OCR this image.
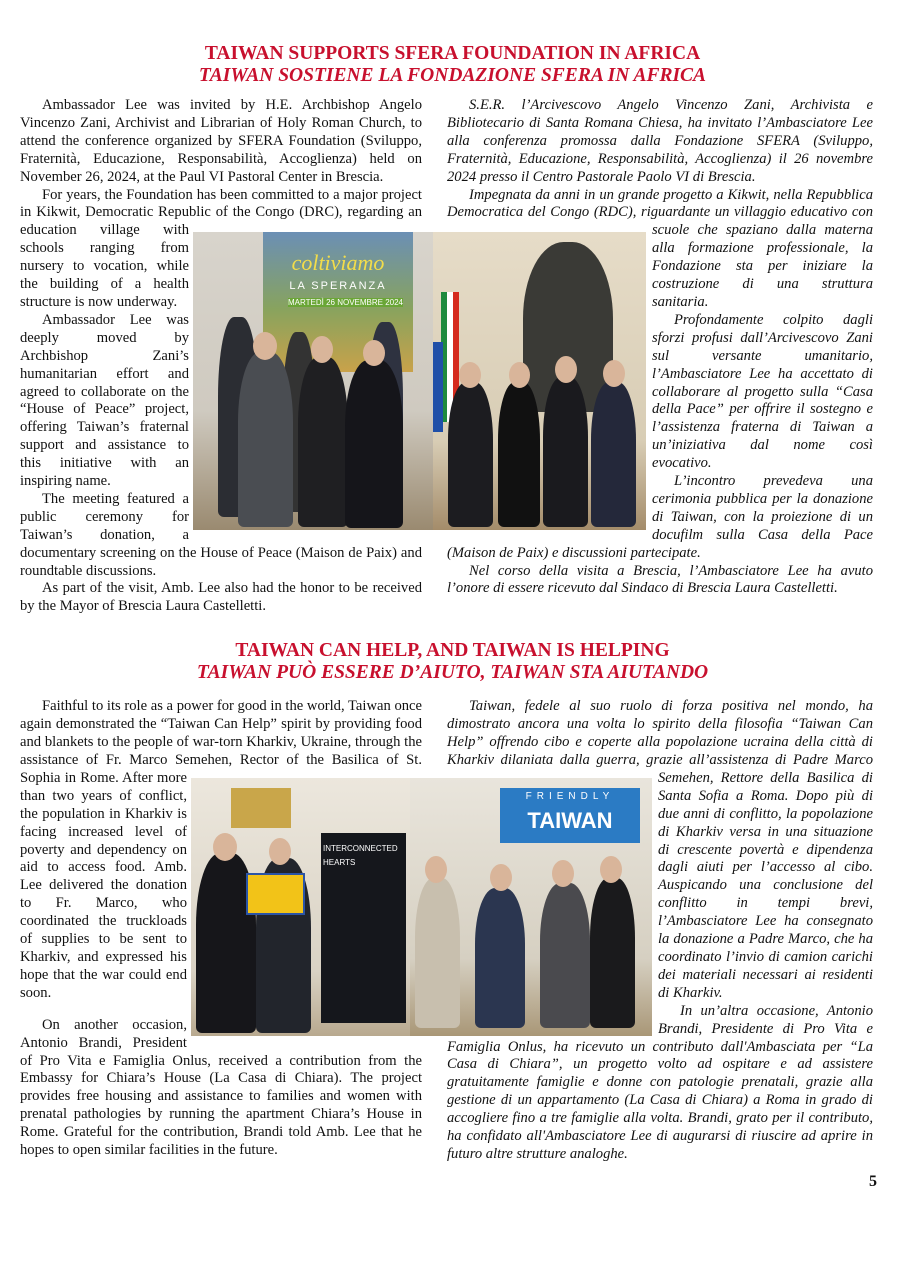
TAIWAN SUPPORTS SFERA FOUNDATION IN AFRICA
TAIWAN SOSTIENE LA FONDAZIONE SFERA IN AFRICA
coltiviamo
LA SPERANZA
MARTEDÌ 26 NOVEMBRE 2024

Ambassador Lee was invited by H.E. Archbishop Angelo Vincenzo Zani, Archivist and Librarian of Holy Roman Church, to attend the conference organized by SFERA Foundation (Sviluppo, Fraternità, Educazione, Responsabilità, Accoglienza) held on November 26, 2024, at the Paul VI Pastoral Center in Brescia.

For years, the Foundation has been committed to a major project in Kikwit, Democratic Republic of the Congo (DRC), regarding an education village with schools ranging from nursery to vocation, while the building of a health structure is now underway.

Ambassador Lee was deeply moved by Archbishop Zani’s humanitarian effort and agreed to collaborate on the “House of Peace” project, offering Taiwan’s fraternal support and assistance to this initiative with an inspiring name.

The meeting featured a public ceremony for Taiwan’s donation, a documentary screening on the House of Peace (Maison de Paix) and roundtable discussions.

As part of the visit, Amb. Lee also had the honor to be received by the Mayor of Brescia Laura Castelletti.

S.E.R. l’Arcivescovo Angelo Vincenzo Zani, Archivista e Bibliotecario di Santa Romana Chiesa, ha invitato l’Ambasciatore Lee alla conferenza promossa dalla Fondazione SFERA (Sviluppo, Fraternità, Educazione, Responsabilità, Accoglienza) il 26 novembre 2024 presso il Centro Pastorale Paolo VI di Brescia.

Impegnata da anni in un grande progetto a Kikwit, nella Repubblica Democratica del Congo (RDC), riguardante un villaggio educativo con scuole che spaziano dalla materna alla formazione professionale, la Fondazione sta per iniziare la costruzione di una struttura sanitaria.

Profondamente colpito dagli sforzi profusi dall’Arcivescovo Zani sul versante umanitario, l’Ambasciatore Lee ha accettato di collaborare al progetto sulla “Casa della Pace” per offrire il sostegno e l’assistenza fraterna di Taiwan a un’iniziativa dal nome così evocativo.

L’incontro prevedeva una cerimonia pubblica per la donazione di Taiwan, con la proiezione di un docufilm sulla Casa della Pace (Maison de Paix) e discussioni partecipate.

Nel corso della visita a Brescia, l’Ambasciatore Lee ha avuto l’onore di essere ricevuto dal Sindaco di Brescia Laura Castelletti.

TAIWAN CAN HELP, AND TAIWAN IS HELPING
TAIWAN PUÒ ESSERE D’AIUTO, TAIWAN STA AIUTANDO
INTERCONNECTED
HEARTS

Faithful to its role as a power for good in the world, Taiwan once again demonstrated the “Taiwan Can Help” spirit by providing food and blankets to the people of war-torn Kharkiv, Ukraine, through the assistance of Fr. Marco Semehen, Rector of the Basilica of St. Sophia in Rome. After more than two years of conflict, the population in Kharkiv is facing increased level of poverty and dependency on aid to access food. Amb. Lee delivered the donation to Fr. Marco, who coordinated the truckloads of supplies to be sent to Kharkiv, and expressed his hope that the war could end soon.

On another occasion, Antonio Brandi, President of Pro Vita e Famiglia Onlus, received a contribution from the Embassy for Chiara’s House (La Casa di Chiara). The project provides free housing and assistance to families and women with prenatal pathologies by running the apartment Chiara’s House in Rome. Grateful for the contribution, Brandi told Amb. Lee that he hopes to open similar facilities in the future.

FRIENDLY
TAIWAN

Taiwan, fedele al suo ruolo di forza positiva nel mondo, ha dimostrato ancora una volta lo spirito della filosofia “Taiwan Can Help” offrendo cibo e coperte alla popolazione ucraina della città di Kharkiv dilaniata dalla guerra, grazie all’assistenza di Padre Marco Semehen, Rettore della Basilica di Santa Sofia a Roma. Dopo più di due anni di conflitto, la popolazione di Kharkiv versa in una situazione di crescente povertà e dipendenza dagli aiuti per l’accesso al cibo. Auspicando una conclusione del conflitto in tempi brevi, l’Ambasciatore Lee ha consegnato la donazione a Padre Marco, che ha coordinato l’invio di camion carichi dei materiali necessari ai residenti di Kharkiv.

In un’altra occasione, Antonio Brandi, Presidente di Pro Vita e Famiglia Onlus, ha ricevuto un contributo dall'Ambasciata per “La Casa di Chiara”, un progetto volto ad ospitare e ad assistere gratuitamente famiglie e donne con patologie prenatali, grazie alla gestione di un appartamento (La Casa di Chiara) a Roma in grado di accogliere fino a tre famiglie alla volta. Brandi, grato per il contributo, ha confidato all'Ambasciatore Lee di augurarsi di riuscire ad aprire in futuro altre strutture analoghe.

5
